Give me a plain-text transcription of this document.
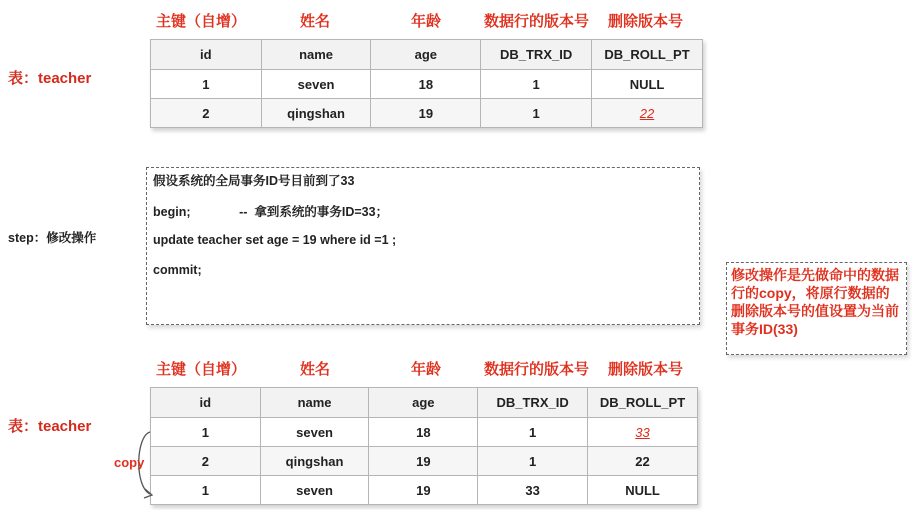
主键（自增）	姓名	年龄	数据行的版本号 删除版本号
表：teacher
id	name	age	DB_TRX_ID	DB_ROLL_PT
1	seven	18	1	NULL
2	qingshan	19	1	22
step：修改操作
假设系统的全局事务ID号目前到了33
begin;              --  拿到系统的事务ID=33；
update teacher set age = 19 where id =1 ;
commit;	修改操作是先做命中的数据行的copy，将原行数据的删除版本号的值设置为当前事务ID(33)
主键（自增）	姓名	年龄	数据行的版本号 删除版本号
表：teacher
id	name	age	DB_TRX_ID	DB_ROLL_PT
1	seven	18	1	33
2	qingshan	19	1	22
1	seven	19	33	NULL
copy
